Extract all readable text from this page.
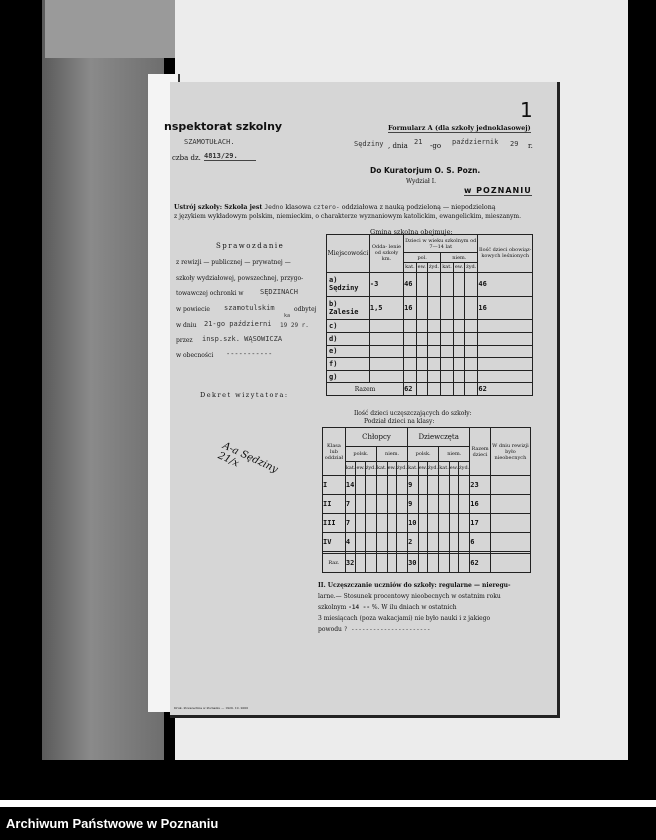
nspektorat szkolny
SZAMOTUŁACH.
czba dz. 4813/29.
Formularz A (dla szkoły jednoklasowej)
1
Sędziny , dnia 21 -go październik 29 r.
Do Kuratorjum O. S. Pozn.
Wydział I.
w POZNANIU
Ustrój szkoły: Szkoła jest Jedno klasowa cztero- oddziałowa z nauką podzieloną — niepodzieloną
z językiem wykładowym polskim, niemieckim, o charakterze wyznaniowym katolickim, ewangelickim, mieszanym.
Sprawozdanie
z rewizji — publicznej — prywatnej —
szkoły wydziałowej, powszechnej, przygo-
towawczej ochronki w SĘDZINACH
w powiecie szamotulskim	odbytej
w dniu 21-go październi
ka
19 29 r.
przez insp.szk. WĄSOWICZA
w obecności -----------
Dekret wizytatora:
A-a Sędziny 21/x
Gmina szkolna obejmuje:
Miejscowości	Odda- lenie od szkoły km.	Dzieci w wieku szkolnym od 7—14 lat						Ilość dzieci obowiąz- kowych leśnionych
		pol.			niem.			
		kat.	ew.	żyd.	kat.	ew.	żyd.	
a) Sędziny	-3	46						46
b) Zalesie	1,5	16						16
c)								
d)								
e)								
f)								
g)								
Razem		62						62
Ilość dzieci uczęszczających do szkoły:
Podział dzieci na klasy:
Klasa lub oddział	Chłopcy						Dziewczęta						Razem dzieci	W dniu rewizji było nieobecnych
	polsk.			niem.			polsk.			niem.				
	kat.	ew.	żyd.	kat.	ew.	żyd.	kat.	ew.	żyd.	kat.	ew.	żyd.		
I	14						9						23	
II	7						9						16	
III	7						10						17	
IV	4						2						6	

Raz.	32						30						62	
II. Uczęszczanie uczniów do szkoły: regularne — nieregu-
larne.— Stosunek procentowy nieobecnych w ostatnim roku
szkolnym -14 -- %. W ilu dniach w ostatnich
3 miesiącach (poza wakacjami) nie było nauki i z jakiego
powodu ? ----------------------
Druk. Powszechna w Poznaniu — 1929. 10. 2000
Archiwum Państwowe w Poznaniu
